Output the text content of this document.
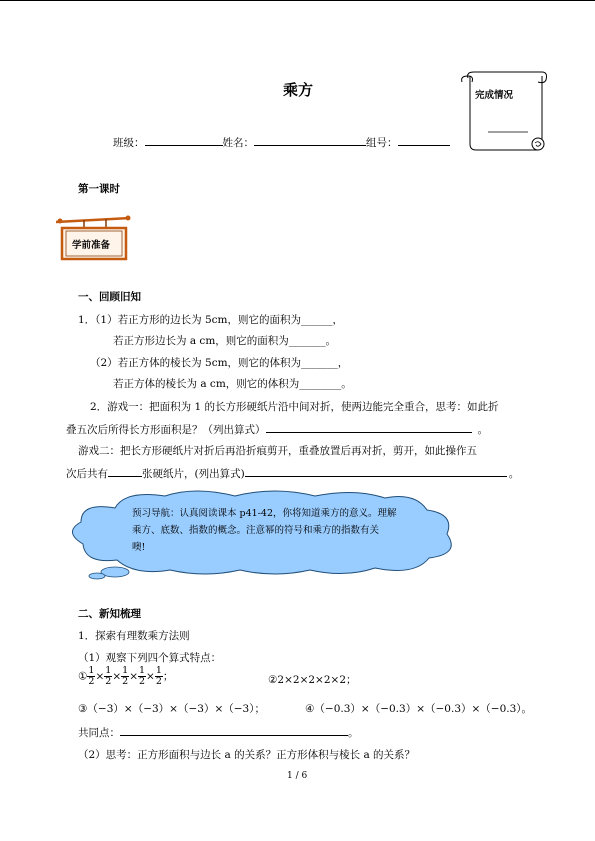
乘方	完成情况
班级：	姓名：	组号：
第一课时
学前准备
一、回顾旧知
1．（1）若正方形的边长为 5cm，则它的面积为______，
若正方形边长为 a cm，则它的面积为_______。
（2）若正方体的棱长为 5cm，则它的体积为_______，
若正方体的棱长为 a cm，则它的体积为________。
2．游戏一：把面积为 1 的长方形硬纸片沿中间对折，使两边能完全重合，思考：如此折
叠五次后所得长方形面积是？（列出算式）	。
游戏二：把长方形硬纸片对折后再沿折痕剪开，重叠放置后再对折，剪开，如此操作五
次后共有	张硬纸片，(列出算式)	。
预习导航：认真阅读课本 p41-42，你将知道乘方的意义。理解
乘方、底数、指数的概念。注意幂的符号和乘方的指数有关
噢!
二、新知梳理
1．探索有理数乘方法则
（1）观察下列四个算式特点：
① $\frac{1}{2} \times \frac{1}{2} \times \frac{1}{2} \times \frac{1}{2} \times \frac{1}{2}$ ；	②2×2×2×2×2；
③（−3）×（−3）×（−3）×（−3）；	④（−0.3）×（−0.3）×（−0.3）×（−0.3）。
共同点：	。
（2）思考：正方形面积与边长 a 的关系？正方形体积与棱长 a 的关系？
1 / 6
